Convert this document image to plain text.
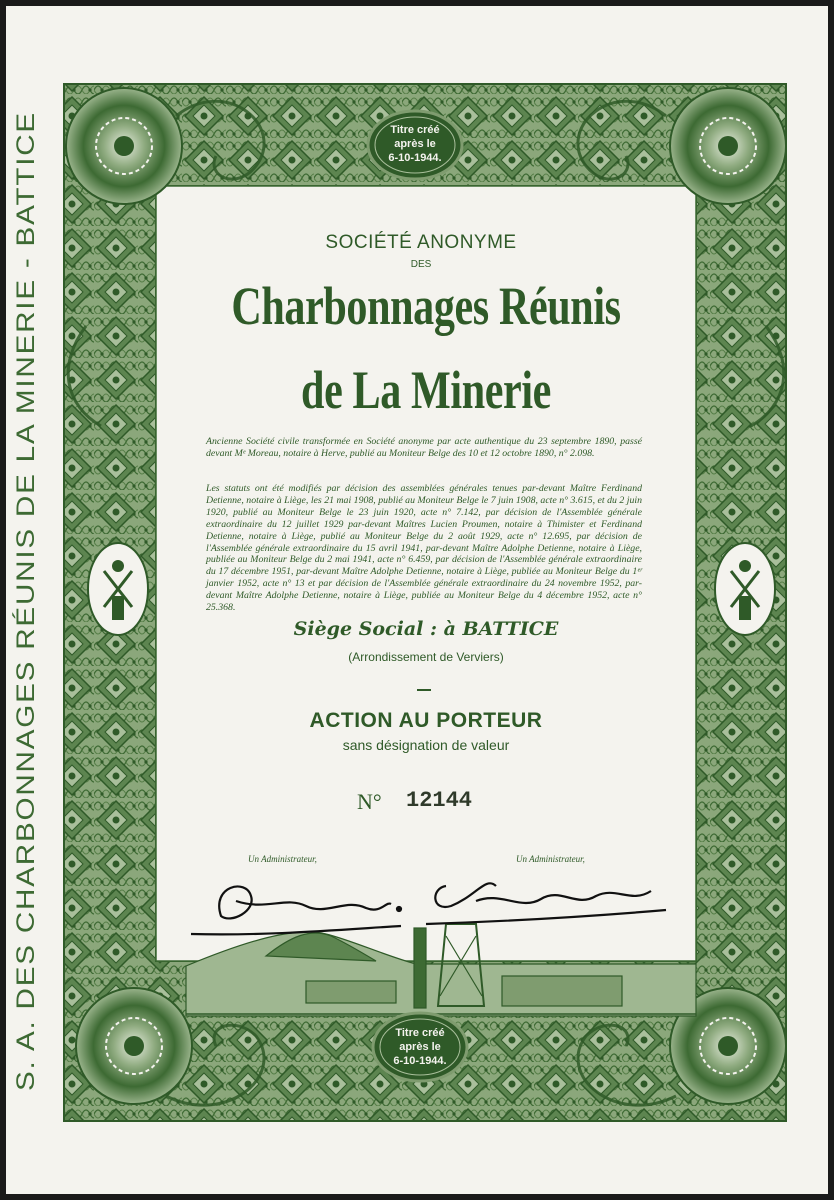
S. A. DES CHARBONNAGES RÉUNIS DE LA MINERIE - BATTICE
Titre créé
après le
6-10-1944.
SOCIÉTÉ ANONYME
DES
Charbonnages Réunis
de La Minerie
Ancienne Société civile transformée en Société anonyme par acte authentique du 23 septembre 1890, passé devant Mᵉ Moreau, notaire à Herve, publié au Moniteur Belge des 10 et 12 octobre 1890, n° 2.098.
Les statuts ont été modifiés par décision des assemblées générales tenues par-devant Maître Ferdinand Detienne, notaire à Liège, les 21 mai 1908, publié au Moniteur Belge le 7 juin 1908, acte n° 3.615, et du 2 juin 1920, publié au Moniteur Belge le 23 juin 1920, acte n° 7.142, par décision de l'Assemblée générale extraordinaire du 12 juillet 1929 par-devant Maîtres Lucien Proumen, notaire à Thimister et Ferdinand Detienne, notaire à Liège, publié au Moniteur Belge du 2 août 1929, acte n° 12.695, par décision de l'Assemblée générale extraordinaire du 15 avril 1941, par-devant Maître Adolphe Detienne, notaire à Liège, publiée au Moniteur Belge du 2 mai 1941, acte n° 6.459, par décision de l'Assemblée générale extraordinaire du 17 décembre 1951, par-devant Maître Adolphe Detienne, notaire à Liège, publiée au Moniteur Belge du 1ᵉʳ janvier 1952, acte n° 13 et par décision de l'Assemblée générale extraordinaire du 24 novembre 1952, par-devant Maître Adolphe Detienne, notaire à Liège, publiée au Moniteur Belge du 4 décembre 1952, acte n° 25.368.
Siège Social : à BATTICE
(Arrondissement de Verviers)
ACTION AU PORTEUR
sans désignation de valeur
N° 12144
Un Administrateur,	Un Administrateur,
Titre créé
après le
6-10-1944.
